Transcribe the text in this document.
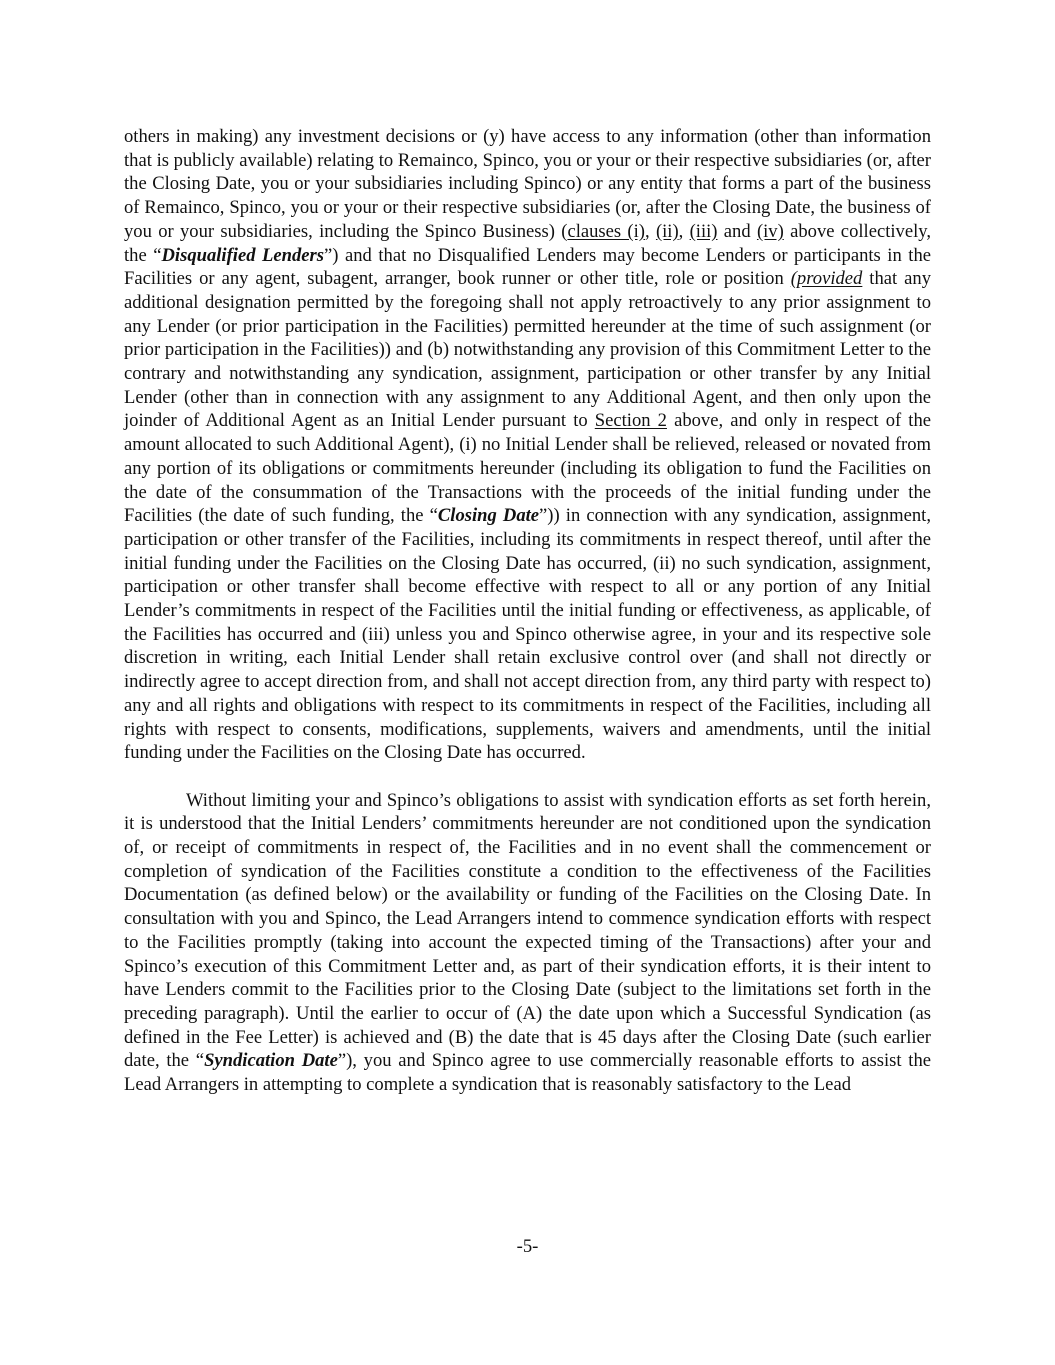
others in making) any investment decisions or (y) have access to any information (other than information that is publicly available) relating to Remainco, Spinco, you or your or their respective subsidiaries (or, after the Closing Date, you or your subsidiaries including Spinco) or any entity that forms a part of the business of Remainco, Spinco, you or your or their respective subsidiaries (or, after the Closing Date, the business of you or your subsidiaries, including the Spinco Business) (clauses (i), (ii), (iii) and (iv) above collectively, the “Disqualified Lenders”) and that no Disqualified Lenders may become Lenders or participants in the Facilities or any agent, subagent, arranger, book runner or other title, role or position (provided that any additional designation permitted by the foregoing shall not apply retroactively to any prior assignment to any Lender (or prior participation in the Facilities) permitted hereunder at the time of such assignment (or prior participation in the Facilities)) and (b) notwithstanding any provision of this Commitment Letter to the contrary and notwithstanding any syndication, assignment, participation or other transfer by any Initial Lender (other than in connection with any assignment to any Additional Agent, and then only upon the joinder of Additional Agent as an Initial Lender pursuant to Section 2 above, and only in respect of the amount allocated to such Additional Agent), (i) no Initial Lender shall be relieved, released or novated from any portion of its obligations or commitments hereunder (including its obligation to fund the Facilities on the date of the consummation of the Transactions with the proceeds of the initial funding under the Facilities (the date of such funding, the “Closing Date”)) in connection with any syndication, assignment, participation or other transfer of the Facilities, including its commitments in respect thereof, until after the initial funding under the Facilities on the Closing Date has occurred, (ii) no such syndication, assignment, participation or other transfer shall become effective with respect to all or any portion of any Initial Lender’s commitments in respect of the Facilities until the initial funding or effectiveness, as applicable, of the Facilities has occurred and (iii) unless you and Spinco otherwise agree, in your and its respective sole discretion in writing, each Initial Lender shall retain exclusive control over (and shall not directly or indirectly agree to accept direction from, and shall not accept direction from, any third party with respect to) any and all rights and obligations with respect to its commitments in respect of the Facilities, including all rights with respect to consents, modifications, supplements, waivers and amendments, until the initial funding under the Facilities on the Closing Date has occurred.

Without limiting your and Spinco’s obligations to assist with syndication efforts as set forth herein, it is understood that the Initial Lenders’ commitments hereunder are not conditioned upon the syndication of, or receipt of commitments in respect of, the Facilities and in no event shall the commencement or completion of syndication of the Facilities constitute a condition to the effectiveness of the Facilities Documentation (as defined below) or the availability or funding of the Facilities on the Closing Date. In consultation with you and Spinco, the Lead Arrangers intend to commence syndication efforts with respect to the Facilities promptly (taking into account the expected timing of the Transactions) after your and Spinco’s execution of this Commitment Letter and, as part of their syndication efforts, it is their intent to have Lenders commit to the Facilities prior to the Closing Date (subject to the limitations set forth in the preceding paragraph). Until the earlier to occur of (A) the date upon which a Successful Syndication (as defined in the Fee Letter) is achieved and (B) the date that is 45 days after the Closing Date (such earlier date, the “Syndication Date”), you and Spinco agree to use commercially reasonable efforts to assist the Lead Arrangers in attempting to complete a syndication that is reasonably satisfactory to the Lead

-5-
